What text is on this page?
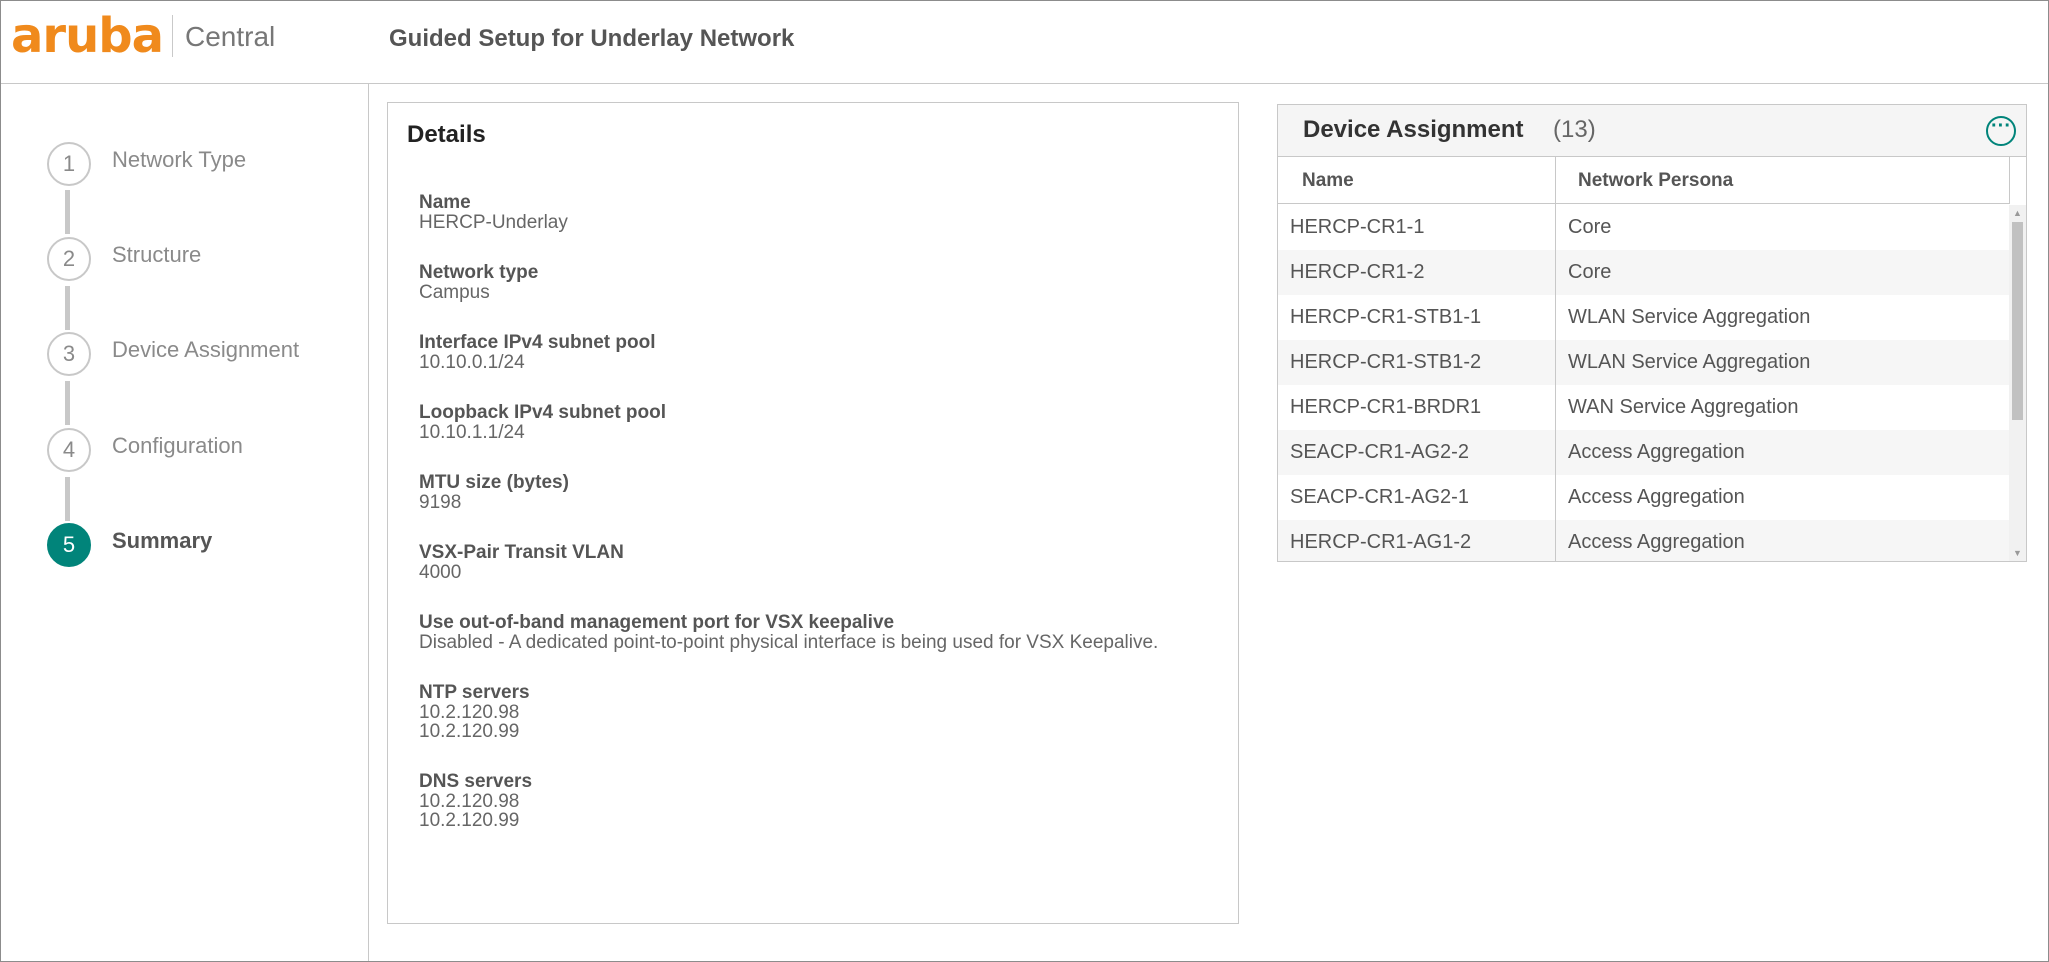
aruba Central	Guided Setup for Underlay Network
1	Network Type
2	Structure
3	Device Assignment
4	Configuration
5	Summary
Details
Name
HERCP-Underlay
Network type
Campus
Interface IPv4 subnet pool
10.10.0.1/24
Loopback IPv4 subnet pool
10.10.1.1/24
MTU size (bytes)
9198
VSX-Pair Transit VLAN
4000
Use out-of-band management port for VSX keepalive
Disabled - A dedicated point-to-point physical interface is being used for VSX Keepalive.
NTP servers
10.2.120.98
10.2.120.99
DNS servers
10.2.120.98
10.2.120.99
Device Assignment (13)	···
Name	Network Persona
HERCP-CR1-1	Core
HERCP-CR1-2	Core
HERCP-CR1-STB1-1	WLAN Service Aggregation
HERCP-CR1-STB1-2	WLAN Service Aggregation
HERCP-CR1-BRDR1	WAN Service Aggregation
SEACP-CR1-AG2-2	Access Aggregation
SEACP-CR1-AG2-1	Access Aggregation
HERCP-CR1-AG1-2	Access Aggregation
▲
▼
